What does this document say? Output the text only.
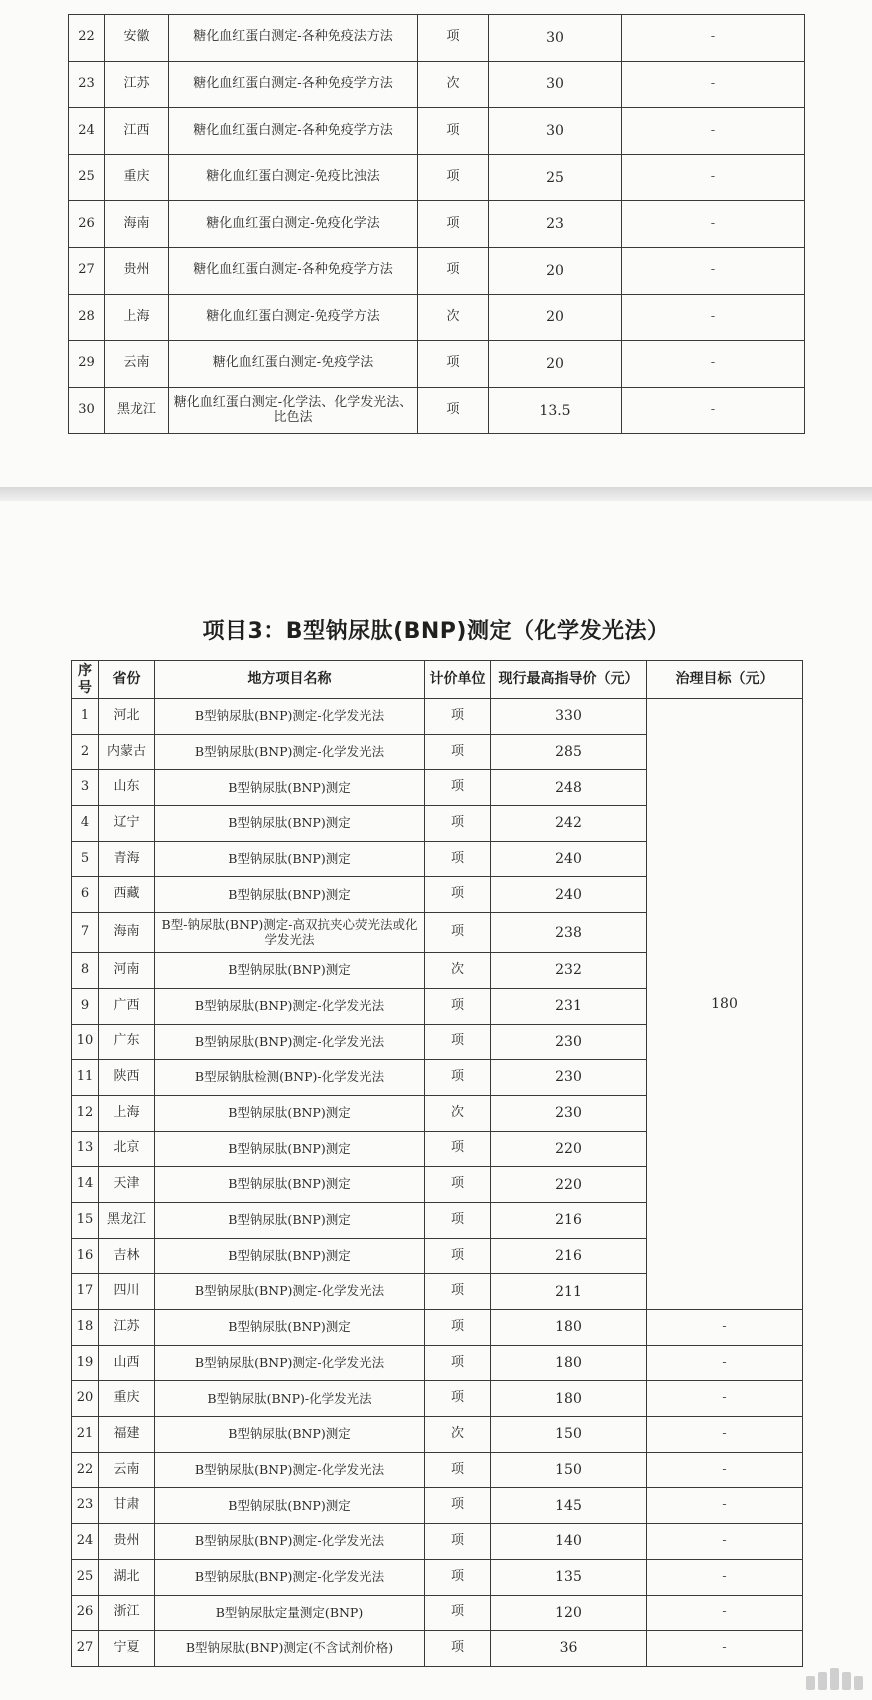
22	安徽	糖化血红蛋白测定-各种免疫法方法	项	30	-
23	江苏	糖化血红蛋白测定-各种免疫学方法	次	30	-
24	江西	糖化血红蛋白测定-各种免疫学方法	项	30	-
25	重庆	糖化血红蛋白测定-免疫比浊法	项	25	-
26	海南	糖化血红蛋白测定-免疫化学法	项	23	-
27	贵州	糖化血红蛋白测定-各种免疫学方法	项	20	-
28	上海	糖化血红蛋白测定-免疫学方法	次	20	-
29	云南	糖化血红蛋白测定-免疫学法	项	20	-
30	黑龙江	糖化血红蛋白测定-化学法、化学发光法、比色法	项	13.5	-
项目3：B型钠尿肽(BNP)测定（化学发光法）
序号	省份	地方项目名称	计价单位	现行最高指导价（元）	治理目标（元）
1	河北	B型钠尿肽(BNP)测定-化学发光法	项	330	180
2	内蒙古	B型钠尿肽(BNP)测定-化学发光法	项	285	
3	山东	B型钠尿肽(BNP)测定	项	248	
4	辽宁	B型钠尿肽(BNP)测定	项	242	
5	青海	B型钠尿肽(BNP)测定	项	240	
6	西藏	B型钠尿肽(BNP)测定	项	240	
7	海南	B型-钠尿肽(BNP)测定-高双抗夹心荧光法或化学发光法	项	238	
8	河南	B型钠尿肽(BNP)测定	次	232	
9	广西	B型钠尿肽(BNP)测定-化学发光法	项	231	
10	广东	B型钠尿肽(BNP)测定-化学发光法	项	230	
11	陕西	B型尿钠肽检测(BNP)-化学发光法	项	230	
12	上海	B型钠尿肽(BNP)测定	次	230	
13	北京	B型钠尿肽(BNP)测定	项	220	
14	天津	B型钠尿肽(BNP)测定	项	220	
15	黑龙江	B型钠尿肽(BNP)测定	项	216	
16	吉林	B型钠尿肽(BNP)测定	项	216	
17	四川	B型钠尿肽(BNP)测定-化学发光法	项	211	
18	江苏	B型钠尿肽(BNP)测定	项	180	-
19	山西	B型钠尿肽(BNP)测定-化学发光法	项	180	-
20	重庆	B型钠尿肽(BNP)-化学发光法	项	180	-
21	福建	B型钠尿肽(BNP)测定	次	150	-
22	云南	B型钠尿肽(BNP)测定-化学发光法	项	150	-
23	甘肃	B型钠尿肽(BNP)测定	项	145	-
24	贵州	B型钠尿肽(BNP)测定-化学发光法	项	140	-
25	湖北	B型钠尿肽(BNP)测定-化学发光法	项	135	-
26	浙江	B型钠尿肽定量测定(BNP)	项	120	-
27	宁夏	B型钠尿肽(BNP)测定(不含试剂价格)	项	36	-
